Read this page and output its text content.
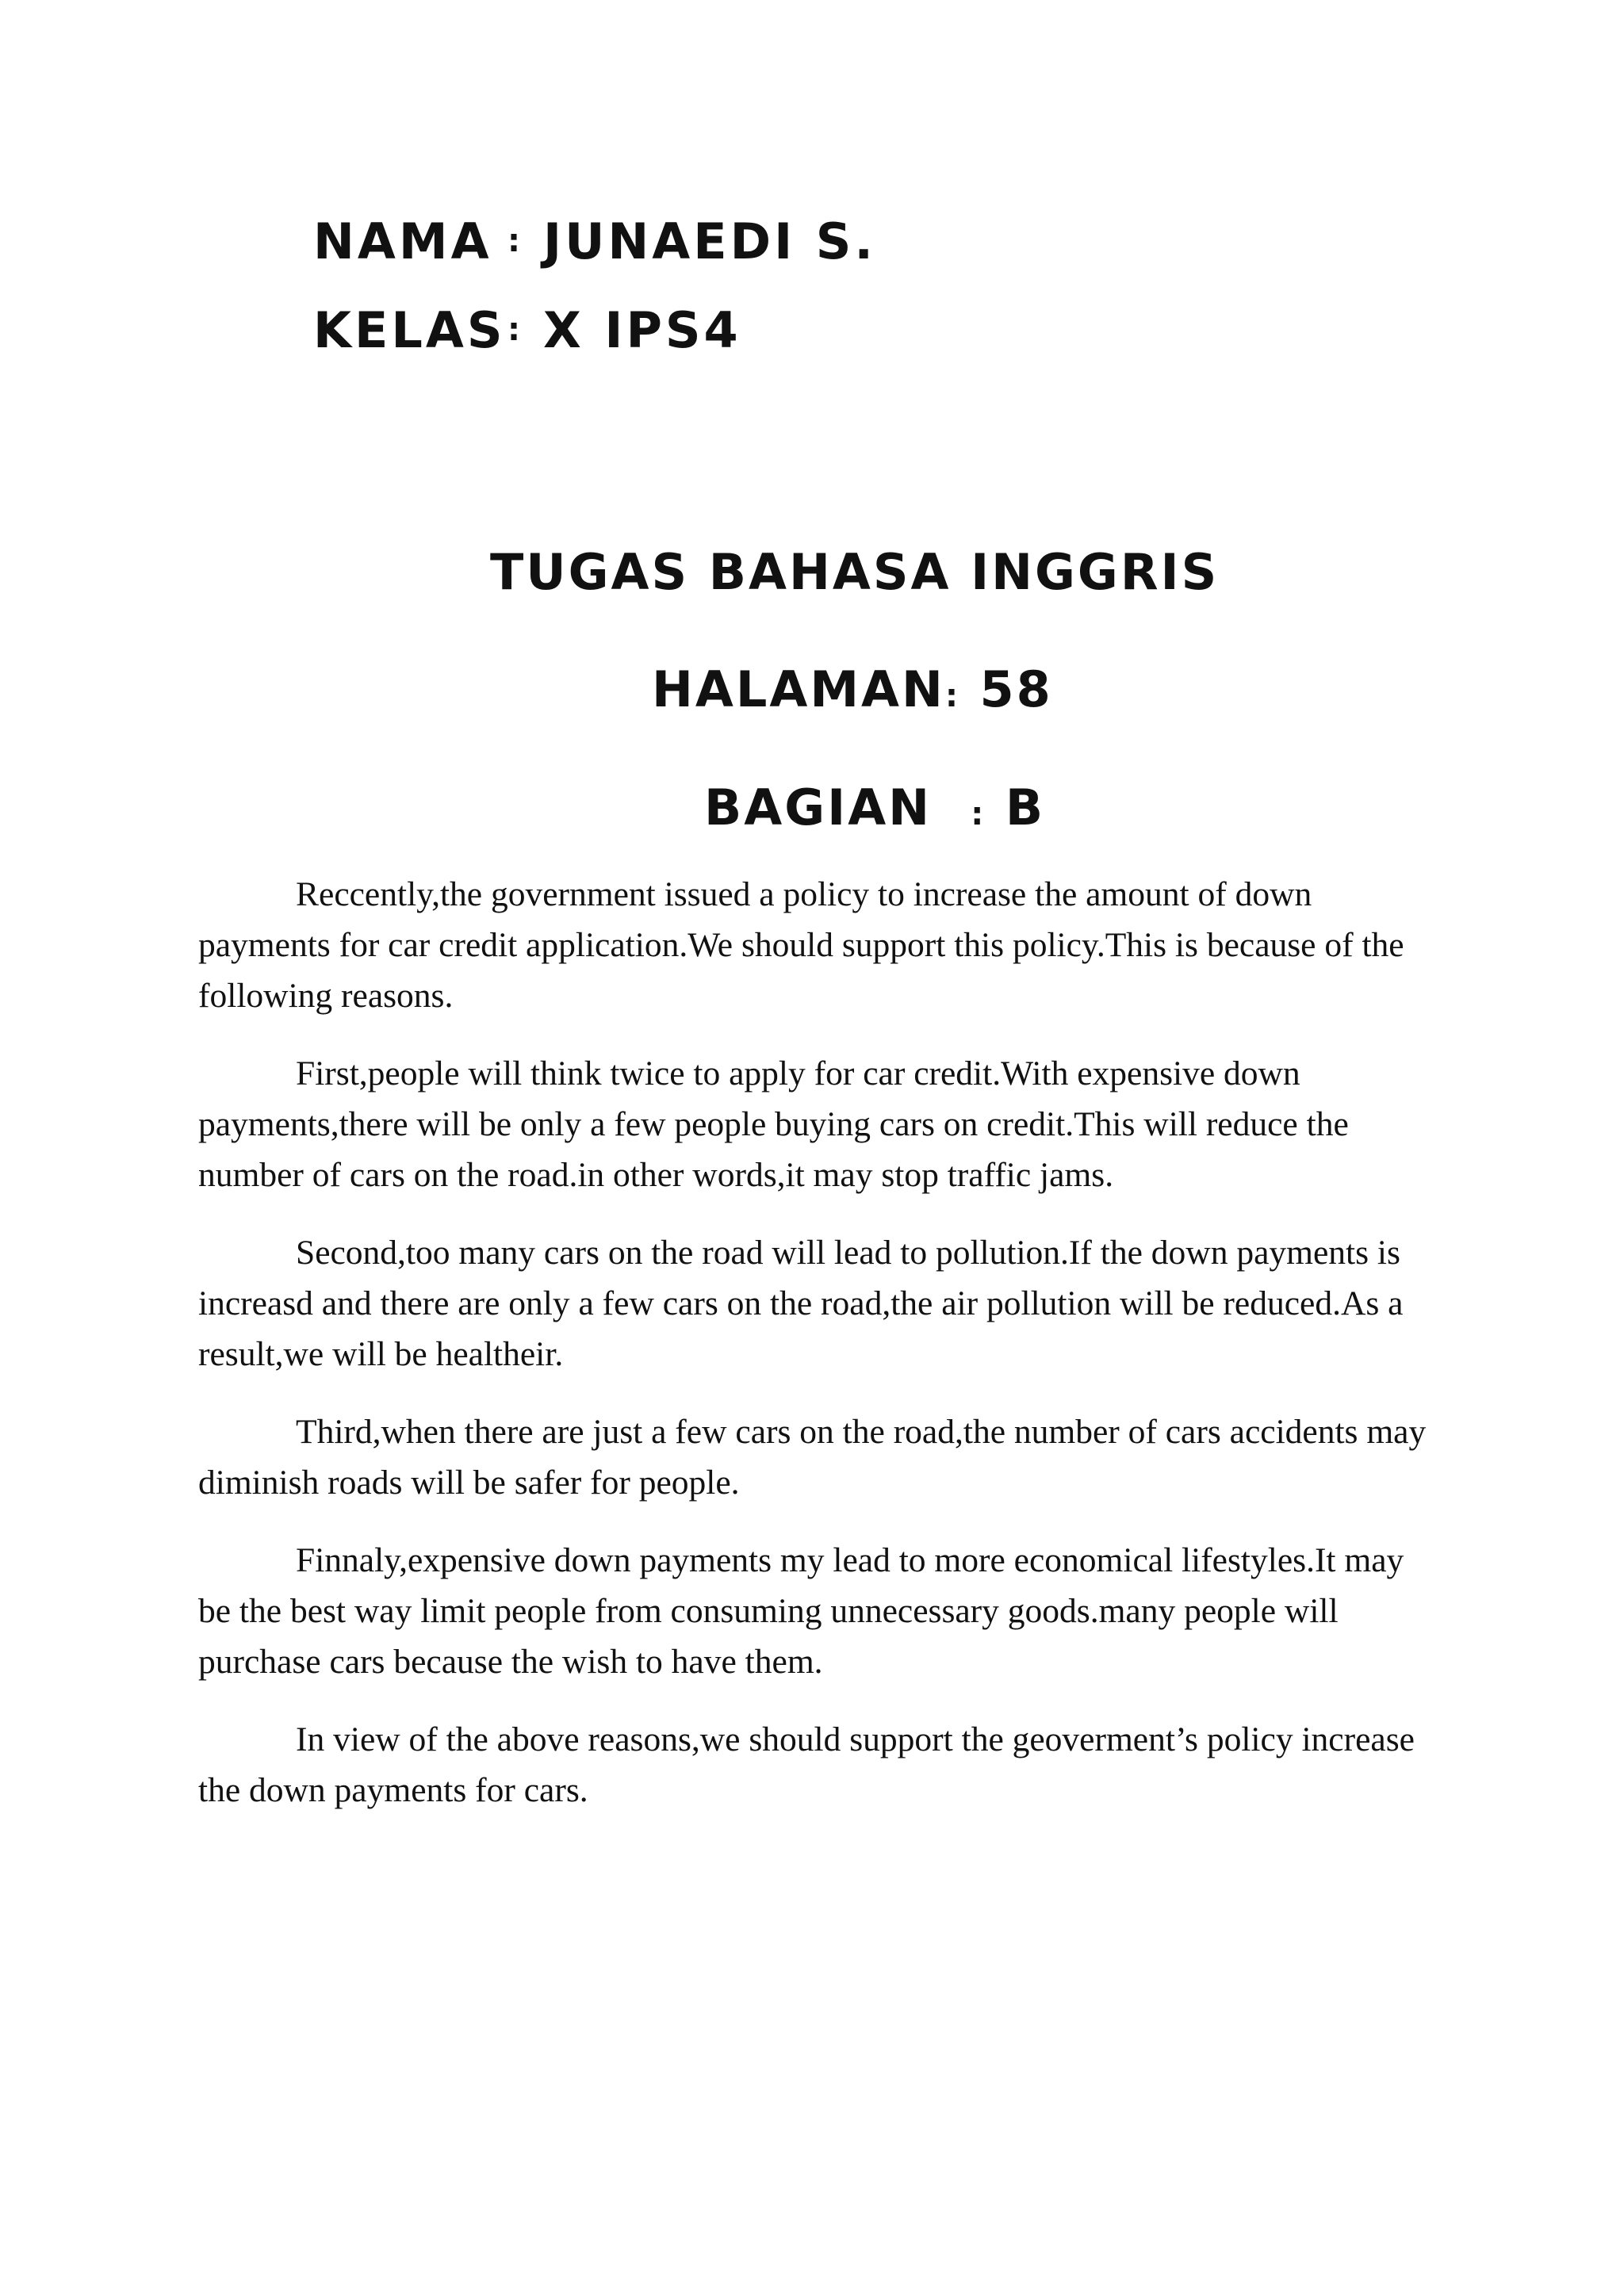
NAMA : JUNAEDI S.
KELAS : X IPS4
TUGAS BAHASA INGGRIS
HALAMAN: 58
BAGIAN : B

Reccently,the government issued a policy to increase the amount of down payments for car credit application.We should support this policy.This is because of the following reasons.

First,people will think twice to apply for car credit.With expensive down payments,there will be only a few people buying cars on credit.This will reduce the number of cars on the road.in other words,it may stop traffic jams.

Second,too many cars on the road will lead to pollution.If the down payments is increasd and there are only a few cars on the road,the air pollution will be reduced.As a result,we will be healtheir.

Third,when there are just a few cars on the road,the number of cars accidents may diminish roads will be safer for people.

Finnaly,expensive down payments my lead to more economical lifestyles.It may be the best way limit people from consuming unnecessary goods.many people will purchase cars because the wish to have them.

In view of the above reasons,we should support the geoverment’s policy increase the down payments for cars.
